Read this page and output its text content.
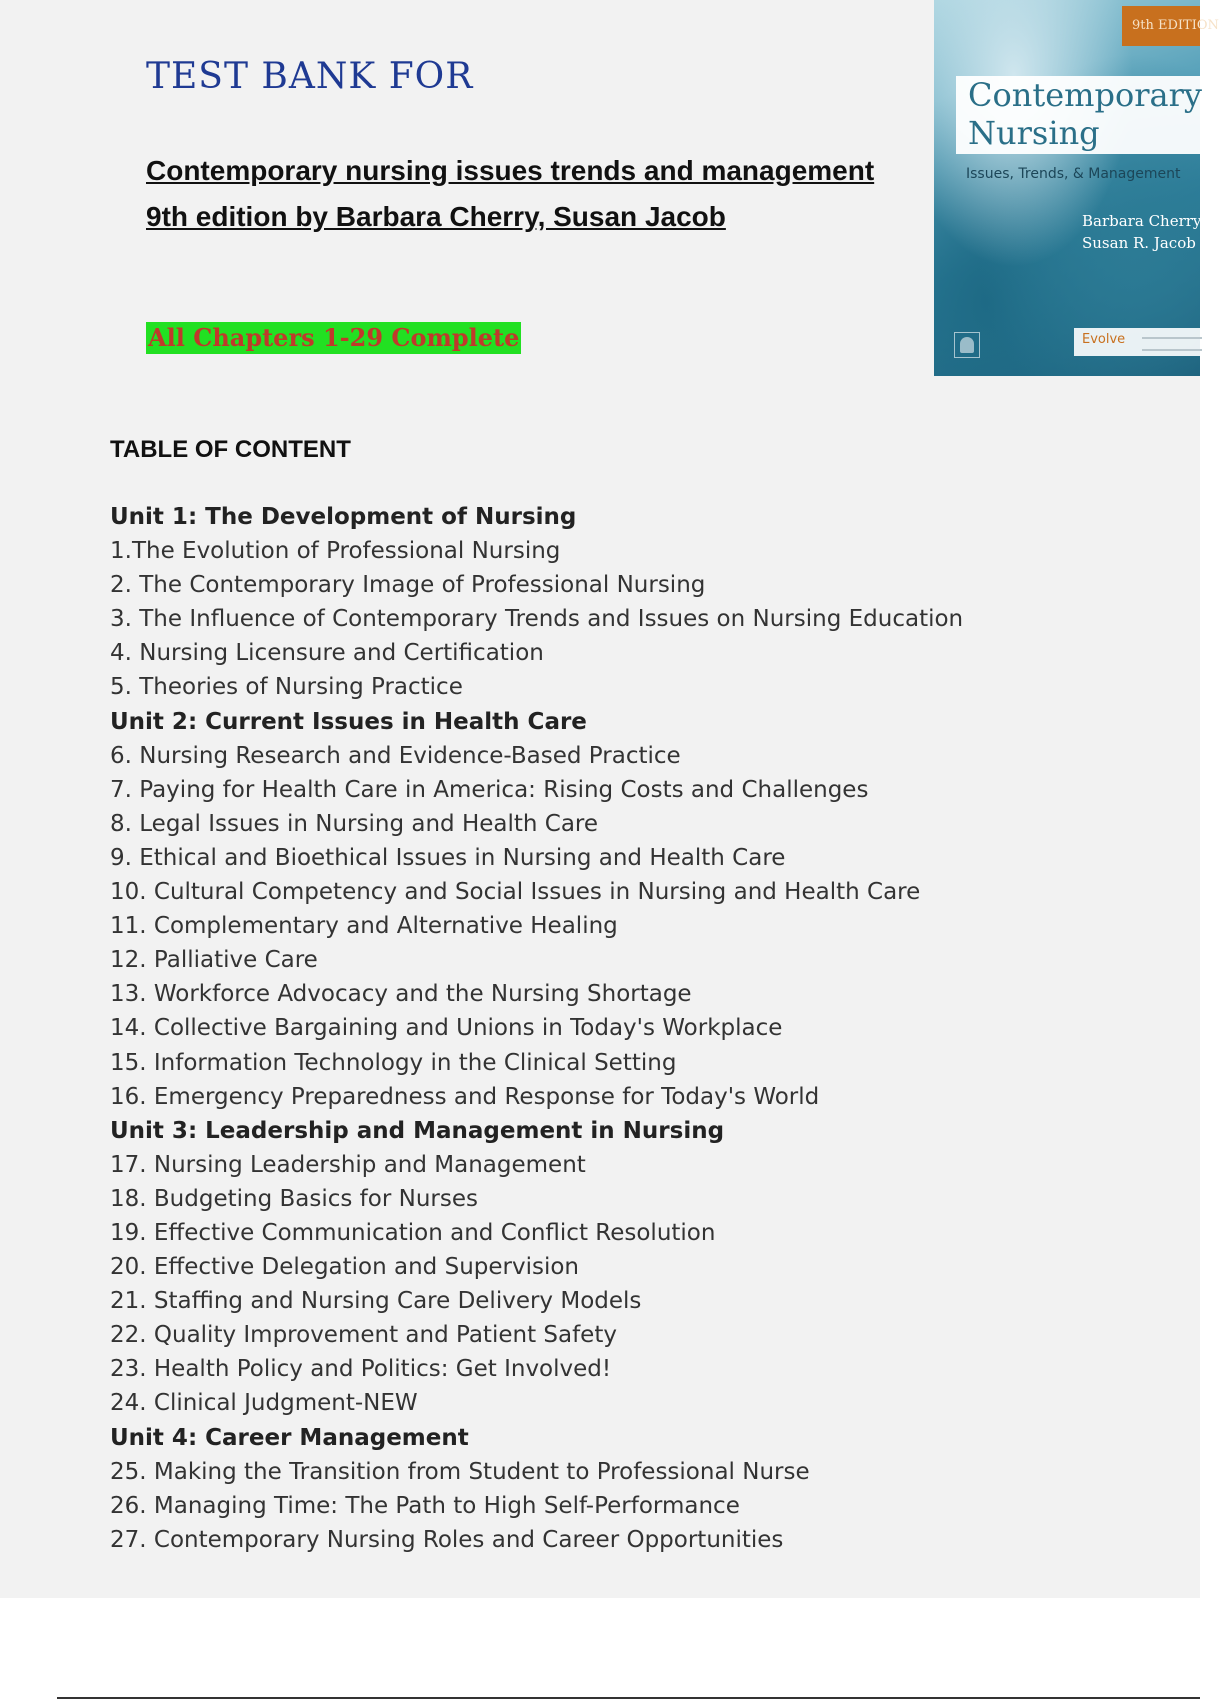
TEST BANK FOR
Contemporary nursing issues trends and management
9th edition by Barbara Cherry, Susan Jacob
All Chapters 1-29 Complete
9th EDITION
Contemporary
Nursing
Issues, Trends, & Management
Barbara Cherry
Susan R. Jacob
Evolve
TABLE OF CONTENT
Unit 1: The Development of Nursing
1.The Evolution of Professional Nursing
2. The Contemporary Image of Professional Nursing
3. The Influence of Contemporary Trends and Issues on Nursing Education
4. Nursing Licensure and Certification
5. Theories of Nursing Practice
Unit 2: Current Issues in Health Care
6. Nursing Research and Evidence-Based Practice
7. Paying for Health Care in America: Rising Costs and Challenges
8. Legal Issues in Nursing and Health Care
9. Ethical and Bioethical Issues in Nursing and Health Care
10. Cultural Competency and Social Issues in Nursing and Health Care
11. Complementary and Alternative Healing
12. Palliative Care
13. Workforce Advocacy and the Nursing Shortage
14. Collective Bargaining and Unions in Today's Workplace
15. Information Technology in the Clinical Setting
16. Emergency Preparedness and Response for Today's World
Unit 3: Leadership and Management in Nursing
17. Nursing Leadership and Management
18. Budgeting Basics for Nurses
19. Effective Communication and Conflict Resolution
20. Effective Delegation and Supervision
21. Staffing and Nursing Care Delivery Models
22. Quality Improvement and Patient Safety
23. Health Policy and Politics: Get Involved!
24. Clinical Judgment-NEW
Unit 4: Career Management
25. Making the Transition from Student to Professional Nurse
26. Managing Time: The Path to High Self-Performance
27. Contemporary Nursing Roles and Career Opportunities
